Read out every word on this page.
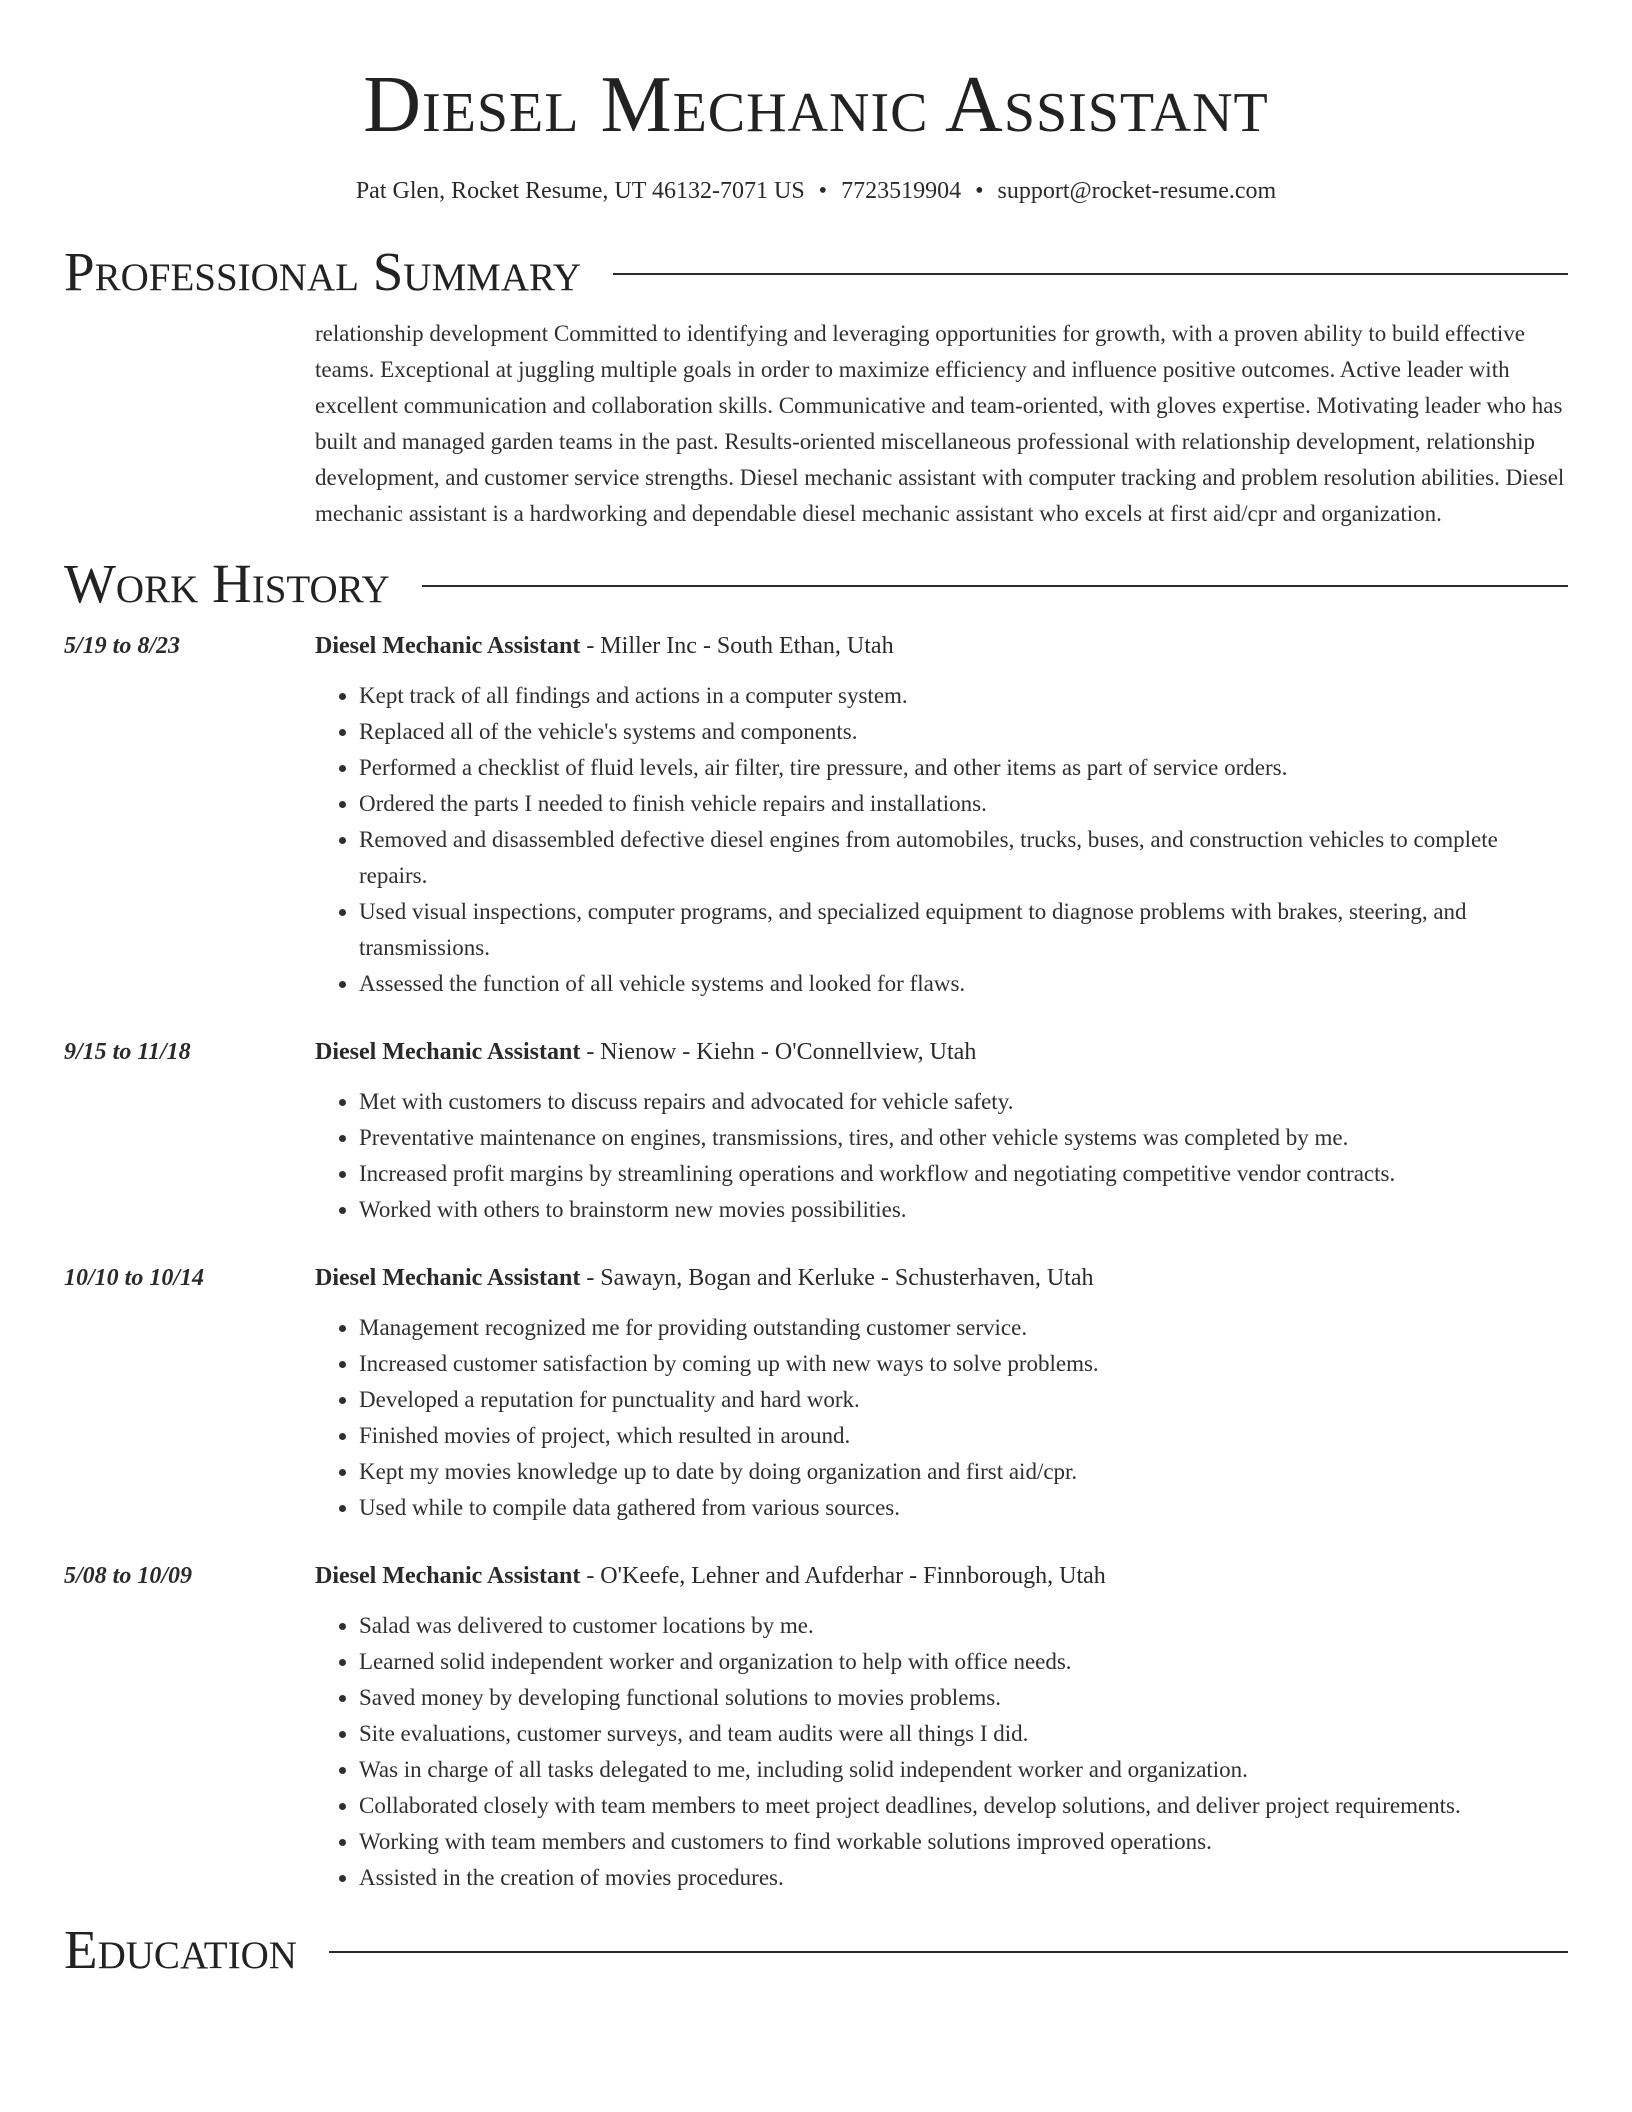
Diesel Mechanic Assistant
Pat Glen, Rocket Resume, UT 46132-7071 US • 7723519904 • support@rocket-resume.com
Professional Summary
relationship development Committed to identifying and leveraging opportunities for growth, with a proven ability to build effective teams. Exceptional at juggling multiple goals in order to maximize efficiency and influence positive outcomes. Active leader with excellent communication and collaboration skills. Communicative and team-oriented, with gloves expertise. Motivating leader who has built and managed garden teams in the past. Results-oriented miscellaneous professional with relationship development, relationship development, and customer service strengths. Diesel mechanic assistant with computer tracking and problem resolution abilities. Diesel mechanic assistant is a hardworking and dependable diesel mechanic assistant who excels at first aid/cpr and organization.
Work History
5/19 to 8/23	Diesel Mechanic Assistant - Miller Inc - South Ethan, Utah
• Kept track of all findings and actions in a computer system.
• Replaced all of the vehicle's systems and components.
• Performed a checklist of fluid levels, air filter, tire pressure, and other items as part of service orders.
• Ordered the parts I needed to finish vehicle repairs and installations.
• Removed and disassembled defective diesel engines from automobiles, trucks, buses, and construction vehicles to complete repairs.
• Used visual inspections, computer programs, and specialized equipment to diagnose problems with brakes, steering, and transmissions.
• Assessed the function of all vehicle systems and looked for flaws.
9/15 to 11/18	Diesel Mechanic Assistant - Nienow - Kiehn - O'Connellview, Utah
• Met with customers to discuss repairs and advocated for vehicle safety.
• Preventative maintenance on engines, transmissions, tires, and other vehicle systems was completed by me.
• Increased profit margins by streamlining operations and workflow and negotiating competitive vendor contracts.
• Worked with others to brainstorm new movies possibilities.
10/10 to 10/14	Diesel Mechanic Assistant - Sawayn, Bogan and Kerluke - Schusterhaven, Utah
• Management recognized me for providing outstanding customer service.
• Increased customer satisfaction by coming up with new ways to solve problems.
• Developed a reputation for punctuality and hard work.
• Finished movies of project, which resulted in around.
• Kept my movies knowledge up to date by doing organization and first aid/cpr.
• Used while to compile data gathered from various sources.
5/08 to 10/09	Diesel Mechanic Assistant - O'Keefe, Lehner and Aufderhar - Finnborough, Utah
• Salad was delivered to customer locations by me.
• Learned solid independent worker and organization to help with office needs.
• Saved money by developing functional solutions to movies problems.
• Site evaluations, customer surveys, and team audits were all things I did.
• Was in charge of all tasks delegated to me, including solid independent worker and organization.
• Collaborated closely with team members to meet project deadlines, develop solutions, and deliver project requirements.
• Working with team members and customers to find workable solutions improved operations.
• Assisted in the creation of movies procedures.
Education
